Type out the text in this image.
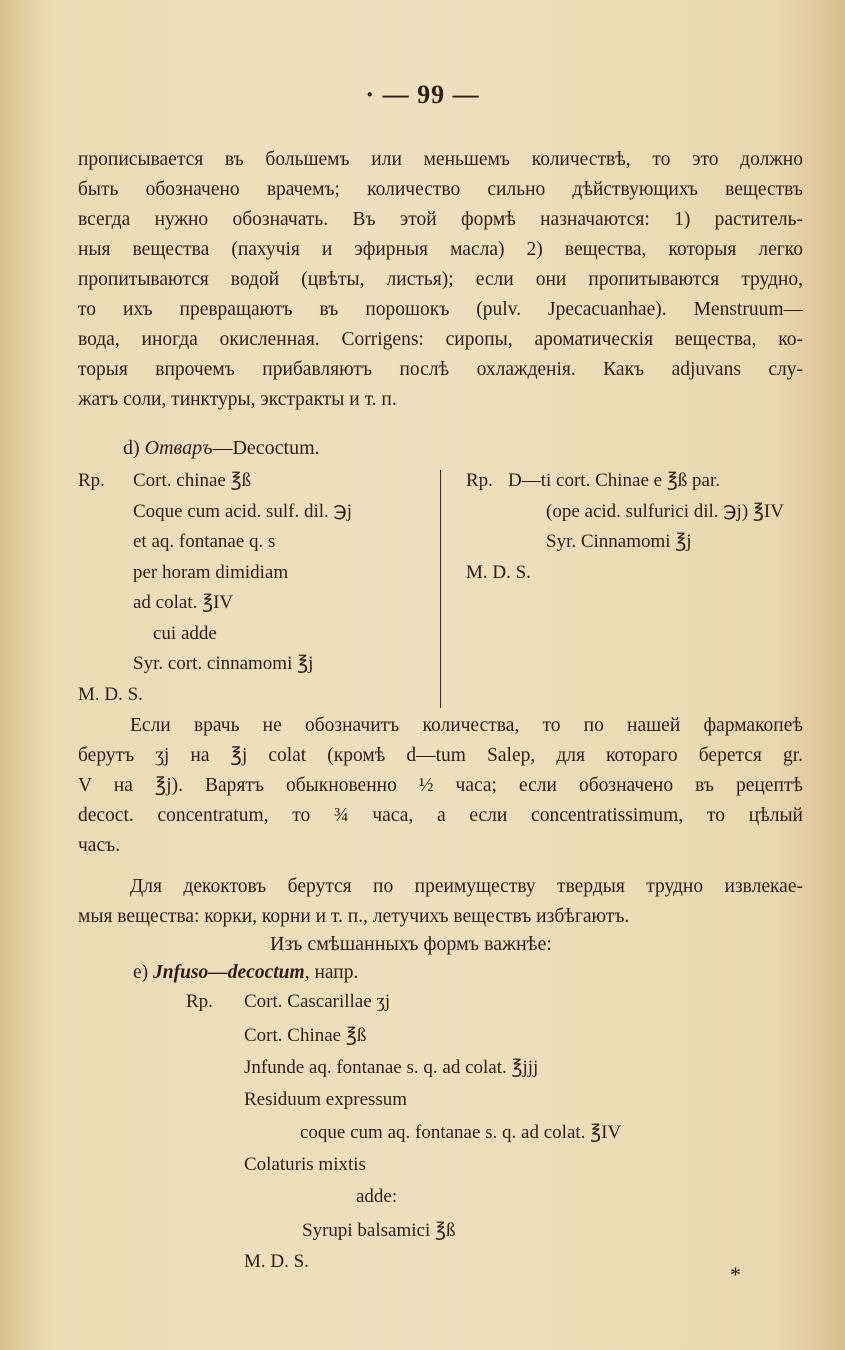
· — 99 —
прописывается въ большемъ или меньшемъ количествѣ, то это должно
быть обозначено врачемъ; количество сильно дѣйствующихъ веществъ
всегда нужно обозначать. Въ этой формѣ назначаются: 1) раститель-
ныя вещества (пахучія и эфирныя масла) 2) вещества, которыя легко
пропитываются водой (цвѣты, листья); если они пропитываются трудно,
то ихъ превращаютъ въ порошокъ (pulv. Jpecacuanhae). Menstruum—
вода, иногда окисленная. Corrigens: сиропы, ароматическія вещества, ко-
торыя впрочемъ прибавляютъ послѣ охлажденія. Какъ adjuvans слу-
жатъ соли, тинктуры, экстракты и т. п.
d) Отваръ—Decoctum.
Rp. Cort. chinae ℥ß
Coque cum acid. sulf. dil. ℈j
et aq. fontanae q. s
per horam dimidiam
ad colat. ℥IV
cui adde
Syr. cort. cinnamomi ℥j
M. D. S.
Rp. D—ti cort. Chinae e ℥ß par.
(ope acid. sulfurici dil. ℈j) ℥IV
Syr. Cinnamomi ℥j
M. D. S.
Если врачь не обозначитъ количества, то по нашей фармакопеѣ
берутъ ʒj на ℥j colat (кромѣ d—tum Salep, для котораго берется gr.
V на ℥j). Варятъ обыкновенно ½ часа; если обозначено въ рецептѣ
decoct. concentratum, то ¾ часа, а если concentratissimum, то цѣлый
часъ.
Для декоктовъ берутся по преимуществу твердыя трудно извлекае-
мыя вещества: корки, корни и т. п., летучихъ веществъ избѣгаютъ.
Изъ смѣшанныхъ формъ важнѣе:
e) Jnfuso—decoctum, напр.
Rp. Cort. Cascarillae ʒj
Cort. Chinae ℥ß
Jnfunde aq. fontanae s. q. ad colat. ℥jjj
Residuum expressum
coque cum aq. fontanae s. q. ad colat. ℥IV
Colaturis mixtis
adde:
Syrupi balsamici ℥ß
M. D. S.
*
